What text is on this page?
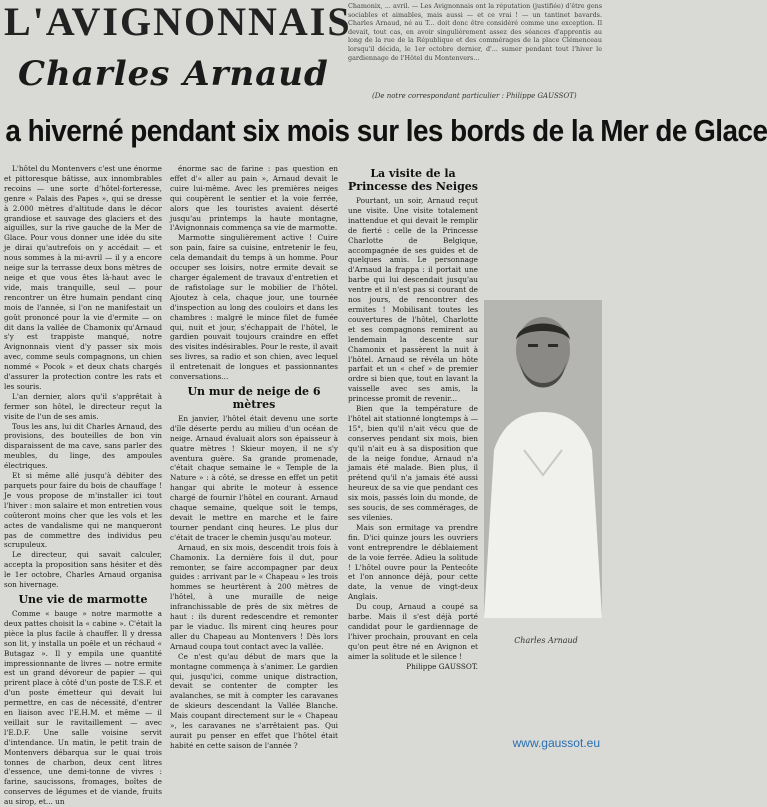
L'AVIGNONNAIS
Charles Arnaud
Chamonix, ... avril. — Les Avignonnais ont la réputation (justifiée) d'être gens sociables et aimables, mais aussi — et ce vrai ! — un tantinet bavards. Charles Arnaud, né au T... doit donc être considéré comme une exception. Il devait, tout cas, en avoir singulièrement assez des séances d'apprentis au long de la rue de la République et des commérages de la place Clémenceau lorsqu'il décida, le 1er octobre dernier, d'... sumer pendant tout l'hiver le gardiennage de l'Hôtel du Montenvers...
(De notre correspondant particulier : Philippe GAUSSOT)
a hiverné pendant six mois sur les bords de la Mer de Glace

L'hôtel du Montenvers c'est une énorme et pittoresque bâtisse, aux innombrables recoins — une sorte d'hôtel-forteresse, genre « Palais des Papes », qui se dresse à 2.000 mètres d'altitude dans le décor grandiose et sauvage des glaciers et des aiguilles, sur la rive gauche de la Mer de Glace. Pour vous donner une idée du site je dirai qu'autrefois on y accédait — et nous sommes à la mi-avril — il y a encore neige sur la terrasse deux bons mètres de neige et que vous êtes là-haut avec le vide, mais tranquille, seul — pour rencontrer un être humain pendant cinq mois de l'année, si l'on ne manifestait un goût prononcé pour la vie d'ermite — on dit dans la vallée de Chamonix qu'Arnaud s'y est trappiste manqué, notre Avignonnais vient d'y passer six mois avec, comme seuls compagnons, un chien nommé « Pocok » et deux chats chargés d'assurer la protection contre les rats et les souris.

L'an dernier, alors qu'il s'apprêtait à fermer son hôtel, le directeur reçut la visite de l'un de ses amis.

Tous les ans, lui dit Charles Arnaud, des provisions, des bouteilles de bon vin disparaissent de ma cave, sans parler des meubles, du linge, des ampoules électriques.

Et si même allé jusqu'à débiter des parquets pour faire du bois de chauffage ! Je vous propose de m'installer ici tout l'hiver : mon salaire et mon entretien vous coûteront moins cher que les vols et les actes de vandalisme qui ne manqueront pas de commettre des individus peu scrupuleux.

Le directeur, qui savait calculer, accepta la proposition sans hésiter et dès le 1er octobre, Charles Arnaud organisa son hivernage.

Une vie de marmotte

Comme « bauge » notre marmotte a deux pattes choisit la « cabine ». C'était la pièce la plus facile à chauffer. Il y dressa son lit, y installa un poêle et un réchaud « Butagaz ». Il y empila une quantité impressionnante de livres — notre ermite est un grand dévoreur de papier — qui prirent place à côté d'un poste de T.S.F. et d'un poste émetteur qui devait lui permettre, en cas de nécessité, d'entrer en liaison avec l'E.H.M. et même — il veillait sur le ravitaillement — avec l'E.D.F. Une salle voisine servit d'intendance. Un matin, le petit train de Montenvers débarqua sur le quai trois tonnes de charbon, deux cent litres d'essence, une demi-tonne de vivres : farine, saucissons, fromages, boîtes de conserves de légumes et de viande, fruits au sirop, et... un

énorme sac de farine : pas question en effet d'« aller au pain », Arnaud devait le cuire lui-même. Avec les premières neiges qui coupèrent le sentier et la voie ferrée, alors que les touristes avaient déserté jusqu'au printemps la haute montagne, l'Avignonnais commença sa vie de marmotte.

Marmotte singulièrement active ! Cuire son pain, faire sa cuisine, entretenir le feu, cela demandait du temps à un homme. Pour occuper ses loisirs, notre ermite devait se charger également de travaux d'entretien et de rafistolage sur le mobilier de l'hôtel. Ajoutez à cela, chaque jour, une tournée d'inspection au long des couloirs et dans les chambres : malgré le mince filet de fumée qui, nuit et jour, s'échappait de l'hôtel, le gardien pouvait toujours craindre en effet des visites indésirables. Pour le reste, il avait ses livres, sa radio et son chien, avec lequel il entretenait de longues et passionnantes conversations...

Un mur de neige de 6 mètres

En janvier, l'hôtel était devenu une sorte d'île déserte perdu au milieu d'un océan de neige. Arnaud évaluait alors son épaisseur à quatre mètres ! Skieur moyen, il ne s'y aventura guère. Sa grande promenade, c'était chaque semaine le « Temple de la Nature » : à côté, se dresse en effet un petit hangar qui abrite le moteur à essence chargé de fournir l'hôtel en courant. Arnaud chaque semaine, quelque soit le temps, devait le mettre en marche et le faire tourner pendant cinq heures. Le plus dur c'était de tracer le chemin jusqu'au moteur.

Arnaud, en six mois, descendit trois fois à Chamonix. La dernière fois il dut, pour remonter, se faire accompagner par deux guides : arrivant par le « Chapeau » les trois hommes se heurtèrent à 200 mètres de l'hôtel, à une muraille de neige infranchissable de près de six mètres de haut : ils durent redescendre et remonter par le viaduc. Ils mirent cinq heures pour aller du Chapeau au Montenvers ! Dès lors Arnaud coupa tout contact avec la vallée.

Ce n'est qu'au début de mars que la montagne commença à s'animer. Le gardien qui, jusqu'ici, comme unique distraction, devait se contenter de compter les avalanches, se mit à compter les caravanes de skieurs descendant la Vallée Blanche. Mais coupant directement sur le « Chapeau », les caravanes ne s'arrêtaient pas. Qui aurait pu penser en effet que l'hôtel était habité en cette saison de l'année ?

La visite de la Princesse des Neiges

Pourtant, un soir, Arnaud reçut une visite. Une visite totalement inattendue et qui devait le remplir de fierté : celle de la Princesse Charlotte de Belgique, accompagnée de ses guides et de quelques amis. Le personnage d'Arnaud la frappa : il portait une barbe qui lui descendait jusqu'au ventre et il n'est pas si courant de nos jours, de rencontrer des ermites ! Mobilisant toutes les couvertures de l'hôtel, Charlotte et ses compagnons remirent au lendemain la descente sur Chamonix et passèrent la nuit à l'hôtel. Arnaud se révéla un hôte parfait et un « chef » de premier ordre si bien que, tout en lavant la vaisselle avec ses amis, la princesse promit de revenir...

Bien que la température de l'hôtel ait stationné longtemps à — 15°, bien qu'il n'ait vécu que de conserves pendant six mois, bien qu'il n'ait eu à sa disposition que de la neige fondue, Arnaud n'a jamais été malade. Bien plus, il prétend qu'il n'a jamais été aussi heureux de sa vie que pendant ces six mois, passés loin du monde, de ses soucis, de ses commérages, de ses vilenies.

Mais son ermitage va prendre fin. D'ici quinze jours les ouvriers vont entreprendre le déblaiement de la voie ferrée. Adieu la solitude ! L'hôtel ouvre pour la Pentecôte et l'on annonce déjà, pour cette date, la venue de vingt-deux Anglais.

Du coup, Arnaud a coupé sa barbe. Mais il s'est déjà porté candidat pour le gardiennage de l'hiver prochain, prouvant en cela qu'on peut être né en Avignon et aimer la solitude et le silence !

Philippe GAUSSOT.

Charles Arnaud
www.gaussot.eu
